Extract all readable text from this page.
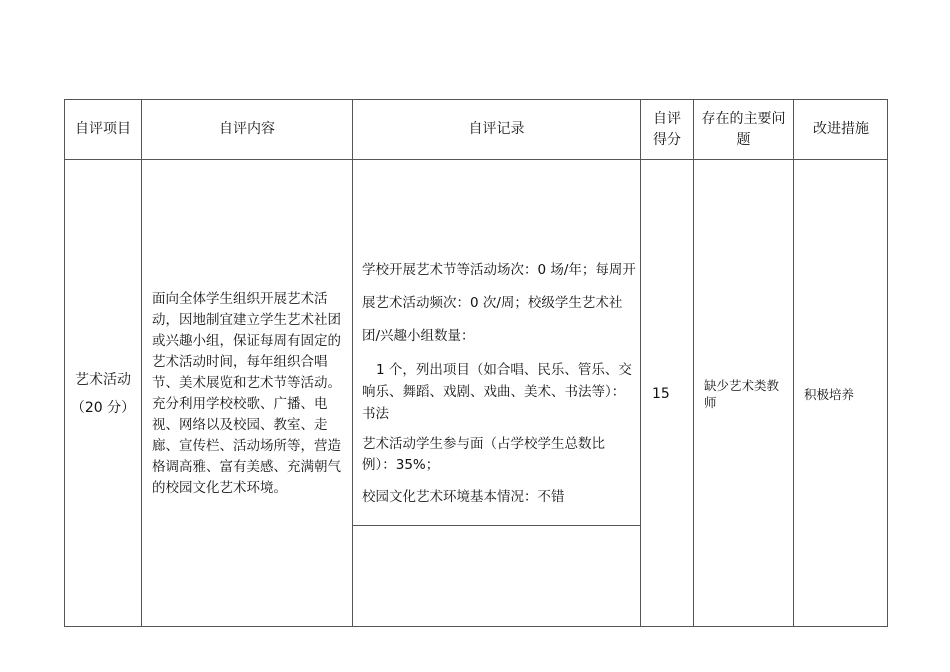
自评项目	自评内容	自评记录
自评得分
存在的主要问题
改进措施
艺术活动
（20 分）
面向全体学生组织开展艺术活动，因地制宜建立学生艺术社团或兴趣小组，保证每周有固定的艺术活动时间，每年组织合唱节、美术展览和艺术节等活动。充分利用学校校歌、广播、电视、网络以及校园、教室、走廊、宣传栏、活动场所等，营造格调高雅、富有美感、充满朝气的校园文化艺术环境。

学校开展艺术节等活动场次：0 场/年；每周开展艺术活动频次：0 次/周；校级学生艺术社团/兴趣小组数量：

1 个，列出项目（如合唱、民乐、管乐、交响乐、舞蹈、戏剧、戏曲、美术、书法等）：书法

艺术活动学生参与面（占学校学生总数比例）：35%；

校园文化艺术环境基本情况：不错

15
缺少艺术类教师
积极培养
